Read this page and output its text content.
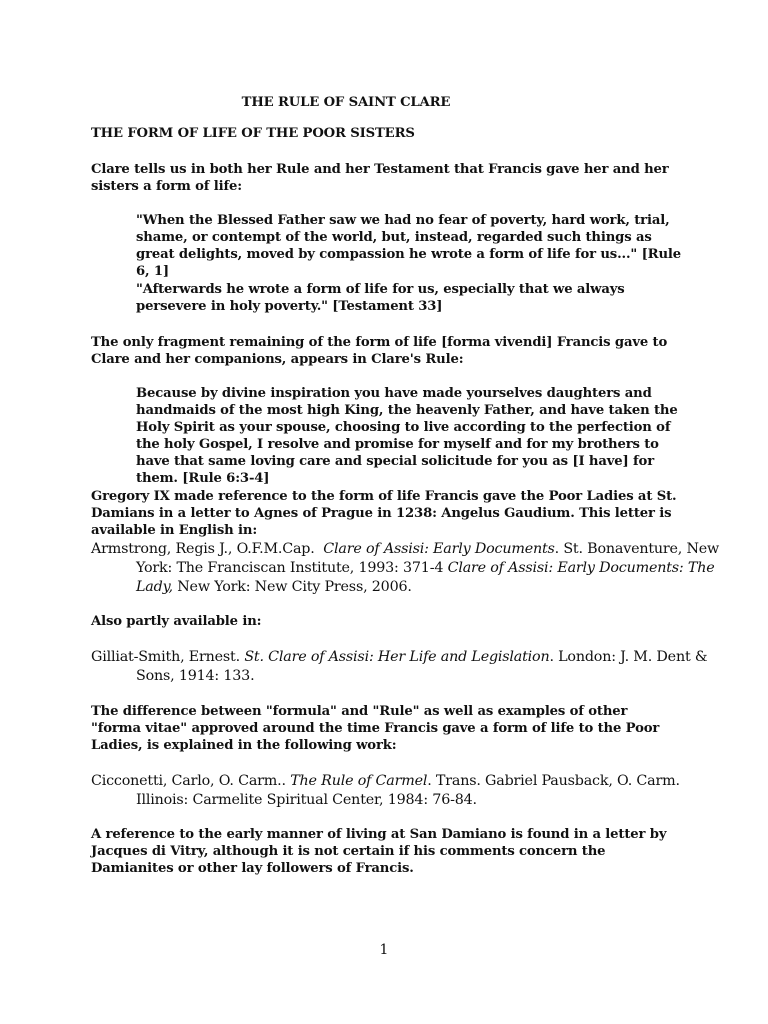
THE RULE OF SAINT CLARE

THE FORM OF LIFE OF THE POOR SISTERS

Clare tells us in both her Rule and her Testament that Francis gave her and her sisters a form of life:

"When the Blessed Father saw we had no fear of poverty, hard work, trial, shame, or contempt of the world, but, instead, regarded such things as great delights, moved by compassion he wrote a form of life for us..." [Rule 6, 1]

"Afterwards he wrote a form of life for us, especially that we always persevere in holy poverty." [Testament 33]

The only fragment remaining of the form of life [forma vivendi] Francis gave to Clare and her companions, appears in Clare's Rule:

Because by divine inspiration you have made yourselves daughters and handmaids of the most high King, the heavenly Father, and have taken the Holy Spirit as your spouse, choosing to live according to the perfection of the holy Gospel, I resolve and promise for myself and for my brothers to have that same loving care and special solicitude for you as [I have] for them. [Rule 6:3-4]

Gregory IX made reference to the form of life Francis gave the Poor Ladies at St. Damians in a letter to Agnes of Prague in 1238: Angelus Gaudium. This letter is available in English in:

Armstrong, Regis J., O.F.M.Cap. Clare of Assisi: Early Documents. St. Bonaventure, New York: The Franciscan Institute, 1993: 371-4 Clare of Assisi: Early Documents: The Lady, New York: New City Press, 2006.

Also partly available in:

Gilliat-Smith, Ernest. St. Clare of Assisi: Her Life and Legislation. London: J. M. Dent & Sons, 1914: 133.

The difference between "formula" and "Rule" as well as examples of other "forma vitae" approved around the time Francis gave a form of life to the Poor Ladies, is explained in the following work:

Cicconetti, Carlo, O. Carm.. The Rule of Carmel. Trans. Gabriel Pausback, O. Carm. Illinois: Carmelite Spiritual Center, 1984: 76-84.

A reference to the early manner of living at San Damiano is found in a letter by Jacques di Vitry, although it is not certain if his comments concern the Damianites or other lay followers of Francis.

1
